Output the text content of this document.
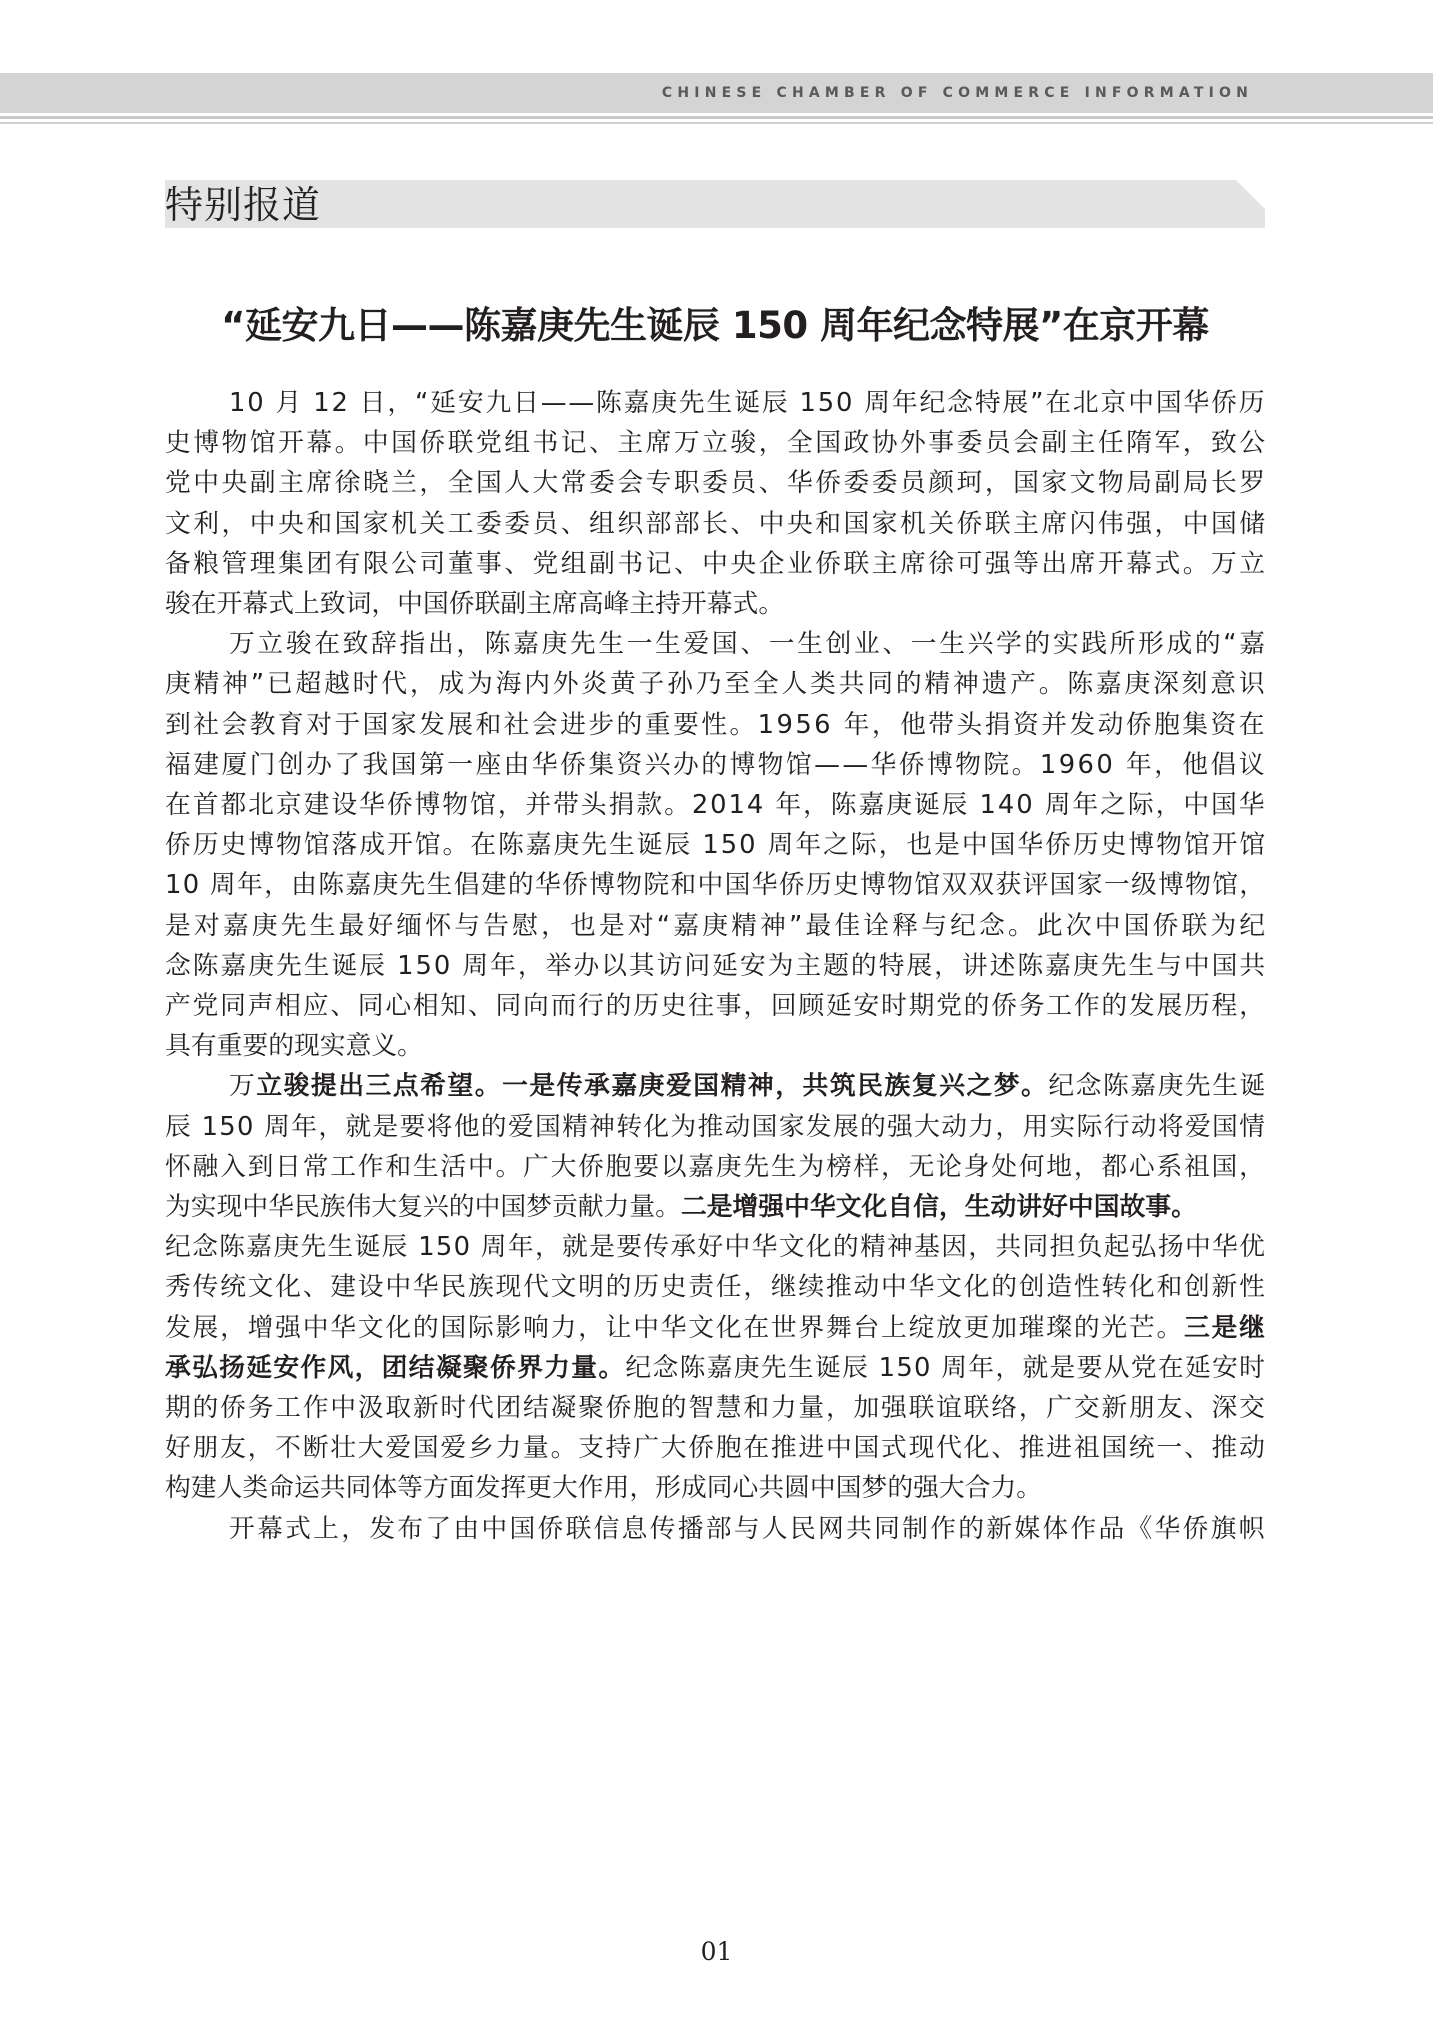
CHINESE CHAMBER OF COMMERCE INFORMATION
特别报道
“延安九日——陈嘉庚先生诞辰 150 周年纪念特展”在京开幕
10 月 12 日，“延安九日——陈嘉庚先生诞辰 150 周年纪念特展”在北京中国华侨历
史博物馆开幕。中国侨联党组书记、主席万立骏，全国政协外事委员会副主任隋军，致公
党中央副主席徐晓兰，全国人大常委会专职委员、华侨委委员颜珂，国家文物局副局长罗
文利，中央和国家机关工委委员、组织部部长、中央和国家机关侨联主席闪伟强，中国储
备粮管理集团有限公司董事、党组副书记、中央企业侨联主席徐可强等出席开幕式。万立
骏在开幕式上致词，中国侨联副主席高峰主持开幕式。
万立骏在致辞指出，陈嘉庚先生一生爱国、一生创业、一生兴学的实践所形成的“嘉
庚精神”已超越时代，成为海内外炎黄子孙乃至全人类共同的精神遗产。陈嘉庚深刻意识
到社会教育对于国家发展和社会进步的重要性。1956 年，他带头捐资并发动侨胞集资在
福建厦门创办了我国第一座由华侨集资兴办的博物馆——华侨博物院。1960 年，他倡议
在首都北京建设华侨博物馆，并带头捐款。2014 年，陈嘉庚诞辰 140 周年之际，中国华
侨历史博物馆落成开馆。在陈嘉庚先生诞辰 150 周年之际，也是中国华侨历史博物馆开馆
10 周年，由陈嘉庚先生倡建的华侨博物院和中国华侨历史博物馆双双获评国家一级博物馆，
是对嘉庚先生最好缅怀与告慰，也是对“嘉庚精神”最佳诠释与纪念。此次中国侨联为纪
念陈嘉庚先生诞辰 150 周年，举办以其访问延安为主题的特展，讲述陈嘉庚先生与中国共
产党同声相应、同心相知、同向而行的历史往事，回顾延安时期党的侨务工作的发展历程，
具有重要的现实意义。
万立骏提出三点希望。一是传承嘉庚爱国精神，共筑民族复兴之梦。纪念陈嘉庚先生诞
辰 150 周年，就是要将他的爱国精神转化为推动国家发展的强大动力，用实际行动将爱国情
怀融入到日常工作和生活中。广大侨胞要以嘉庚先生为榜样，无论身处何地，都心系祖国，
为实现中华民族伟大复兴的中国梦贡献力量。二是增强中华文化自信，生动讲好中国故事。
纪念陈嘉庚先生诞辰 150 周年，就是要传承好中华文化的精神基因，共同担负起弘扬中华优
秀传统文化、建设中华民族现代文明的历史责任，继续推动中华文化的创造性转化和创新性
发展，增强中华文化的国际影响力，让中华文化在世界舞台上绽放更加璀璨的光芒。三是继
承弘扬延安作风，团结凝聚侨界力量。纪念陈嘉庚先生诞辰 150 周年，就是要从党在延安时
期的侨务工作中汲取新时代团结凝聚侨胞的智慧和力量，加强联谊联络，广交新朋友、深交
好朋友，不断壮大爱国爱乡力量。支持广大侨胞在推进中国式现代化、推进祖国统一、推动
构建人类命运共同体等方面发挥更大作用，形成同心共圆中国梦的强大合力。
开幕式上，发布了由中国侨联信息传播部与人民网共同制作的新媒体作品《华侨旗帜
01
